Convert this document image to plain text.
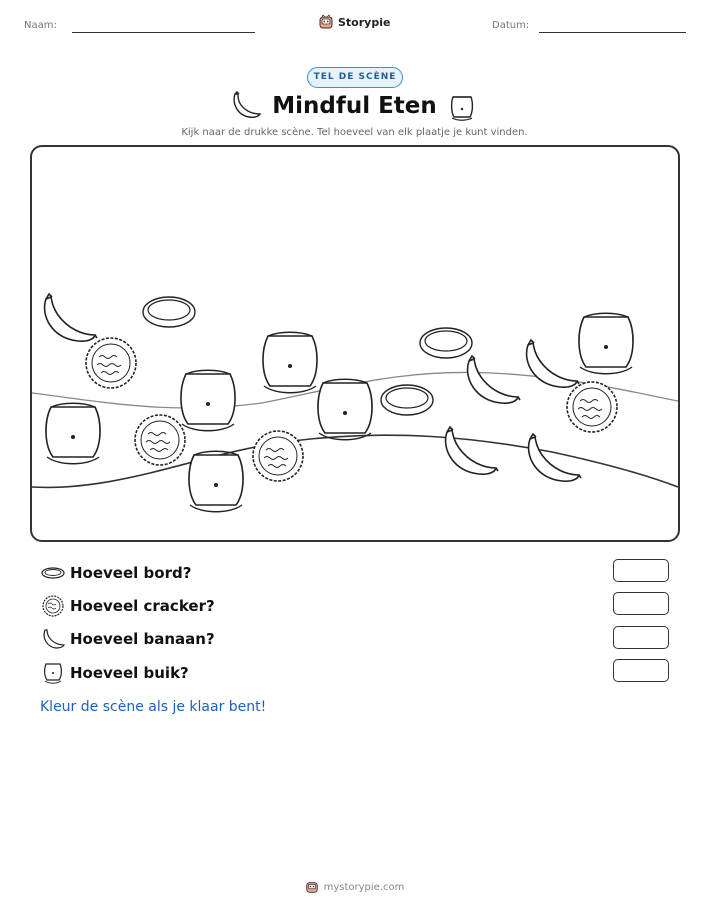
Naam:	Storypie	Datum:
TEL DE SCÈNE
Mindful Eten
Kijk naar de drukke scène. Tel hoeveel van elk plaatje je kunt vinden.
Hoeveel bord?
Hoeveel cracker?
Hoeveel banaan?
Hoeveel buik?
Kleur de scène als je klaar bent!
mystorypie.com
